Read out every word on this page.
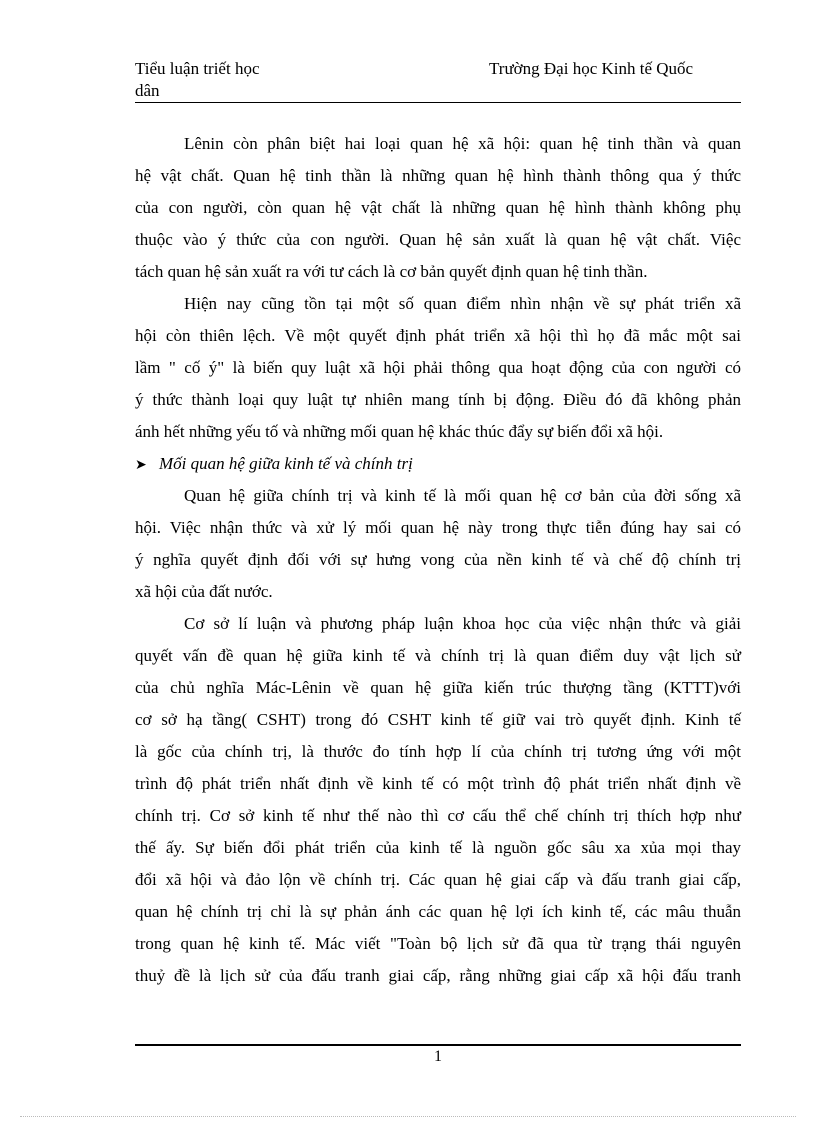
Tiểu luận triết học
dân
Trường Đại học Kinh tế Quốc
Lênin còn phân biệt hai loại quan hệ xã hội: quan hệ tinh thần và quan
hệ vật chất. Quan hệ tinh thần là những quan hệ hình thành thông qua ý thức
của con người, còn quan hệ vật chất là những quan hệ hình thành không phụ
thuộc vào ý thức của con người. Quan hệ sản xuất là quan hệ vật chất. Việc
tách quan hệ sản xuất ra với tư cách là cơ bản quyết định quan hệ tinh thần.
Hiện nay cũng tồn tại một số quan điểm nhìn nhận về sự phát triển xã
hội còn thiên lệch. Về một quyết định phát triển xã hội thì họ đã mắc một sai
lầm " cố ý" là biến quy luật xã hội phải thông qua hoạt động của con người có
ý thức thành loại quy luật tự nhiên mang tính bị động. Điều đó đã không phản
ánh hết những yếu tố và những mối quan hệ khác thúc đẩy sự biến đổi xã hội.
➤ Mối quan hệ giữa kinh tế và chính trị
Quan hệ giữa chính trị và kinh tế là mối quan hệ cơ bản của đời sống xã
hội. Việc nhận thức và xử lý mối quan hệ này trong thực tiễn đúng hay sai có
ý nghĩa quyết định đối với sự hưng vong của nền kinh tế và chế độ chính trị
xã hội của đất nước.
Cơ sở lí luận và phương pháp luận khoa học của việc nhận thức và giải
quyết vấn đề quan hệ giữa kinh tế và chính trị là quan điểm duy vật lịch sử
của chủ nghĩa Mác-Lênin về quan hệ giữa kiến trúc thượng tầng (KTTT)với
cơ sở hạ tầng( CSHT) trong đó CSHT kinh tế giữ vai trò quyết định. Kinh tế
là gốc của chính trị, là thước đo tính hợp lí của chính trị tương ứng với một
trình độ phát triển nhất định về kinh tế có một trình độ phát triển nhất định về
chính trị. Cơ sở kinh tế như thế nào thì cơ cấu thể chế chính trị thích hợp như
thế ấy. Sự biến đổi phát triển của kinh tế là nguồn gốc sâu xa xủa mọi thay
đổi xã hội và đảo lộn về chính trị. Các quan hệ giai cấp và đấu tranh giai cấp,
quan hệ chính trị chỉ là sự phản ánh các quan hệ lợi ích kinh tế, các mâu thuẫn
trong quan hệ kinh tế. Mác viết "Toàn bộ lịch sử đã qua từ trạng thái nguyên
thuỷ đề là lịch sử của đấu tranh giai cấp, rằng những giai cấp xã hội đấu tranh
1
